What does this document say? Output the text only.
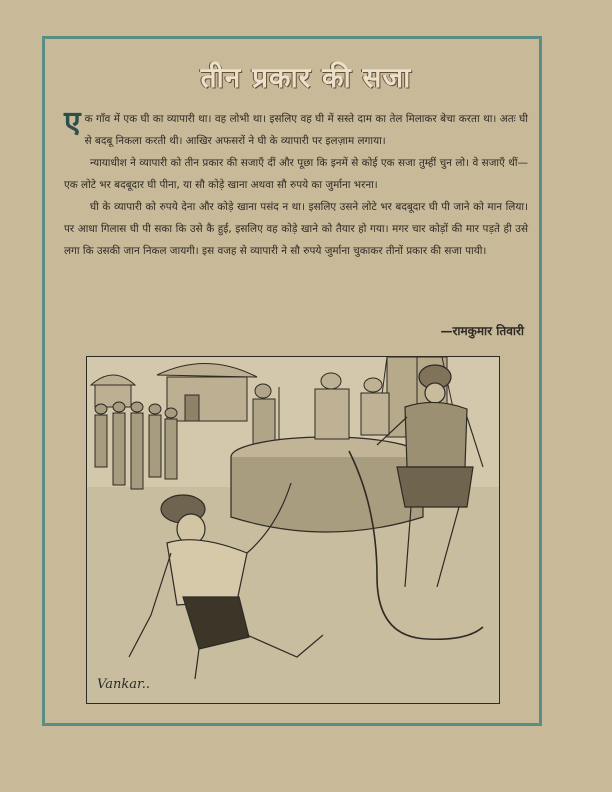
तीन प्रकार की सजा

एक गाँव में एक घी का व्यापारी था। वह लोभी था। इसलिए वह घी में सस्ते दाम का तेल मिलाकर बेचा करता था। अतः घी से बदबू निकला करती थी। आखिर अफसरों ने घी के व्यापारी पर इलज़ाम लगाया।

न्यायाधीश ने व्यापारी को तीन प्रकार की सजाएँ दीं और पूछा कि इनमें से कोई एक सजा तुम्हीं चुन लो। वे सजाएँ थीं—एक लोटे भर बदबूदार घी पीना, या सौ कोड़े खाना अथवा सौ रुपये का जुर्माना भरना।

घी के व्यापारी को रुपये देना और कोड़े खाना पसंद न था। इसलिए उसने लोटे भर बदबूदार घी पी जाने को मान लिया। पर आधा गिलास घी पी सका कि उसे कै हुई, इसलिए वह कोड़े खाने को तैयार हो गया। मगर चार कोड़ों की मार पड़ते ही उसे लगा कि उसकी जान निकल जायगी। इस वजह से व्यापारी ने सौ रुपये जुर्माना चुकाकर तीनों प्रकार की सजा पायी।

—रामकुमार तिवारी
Vankar..
